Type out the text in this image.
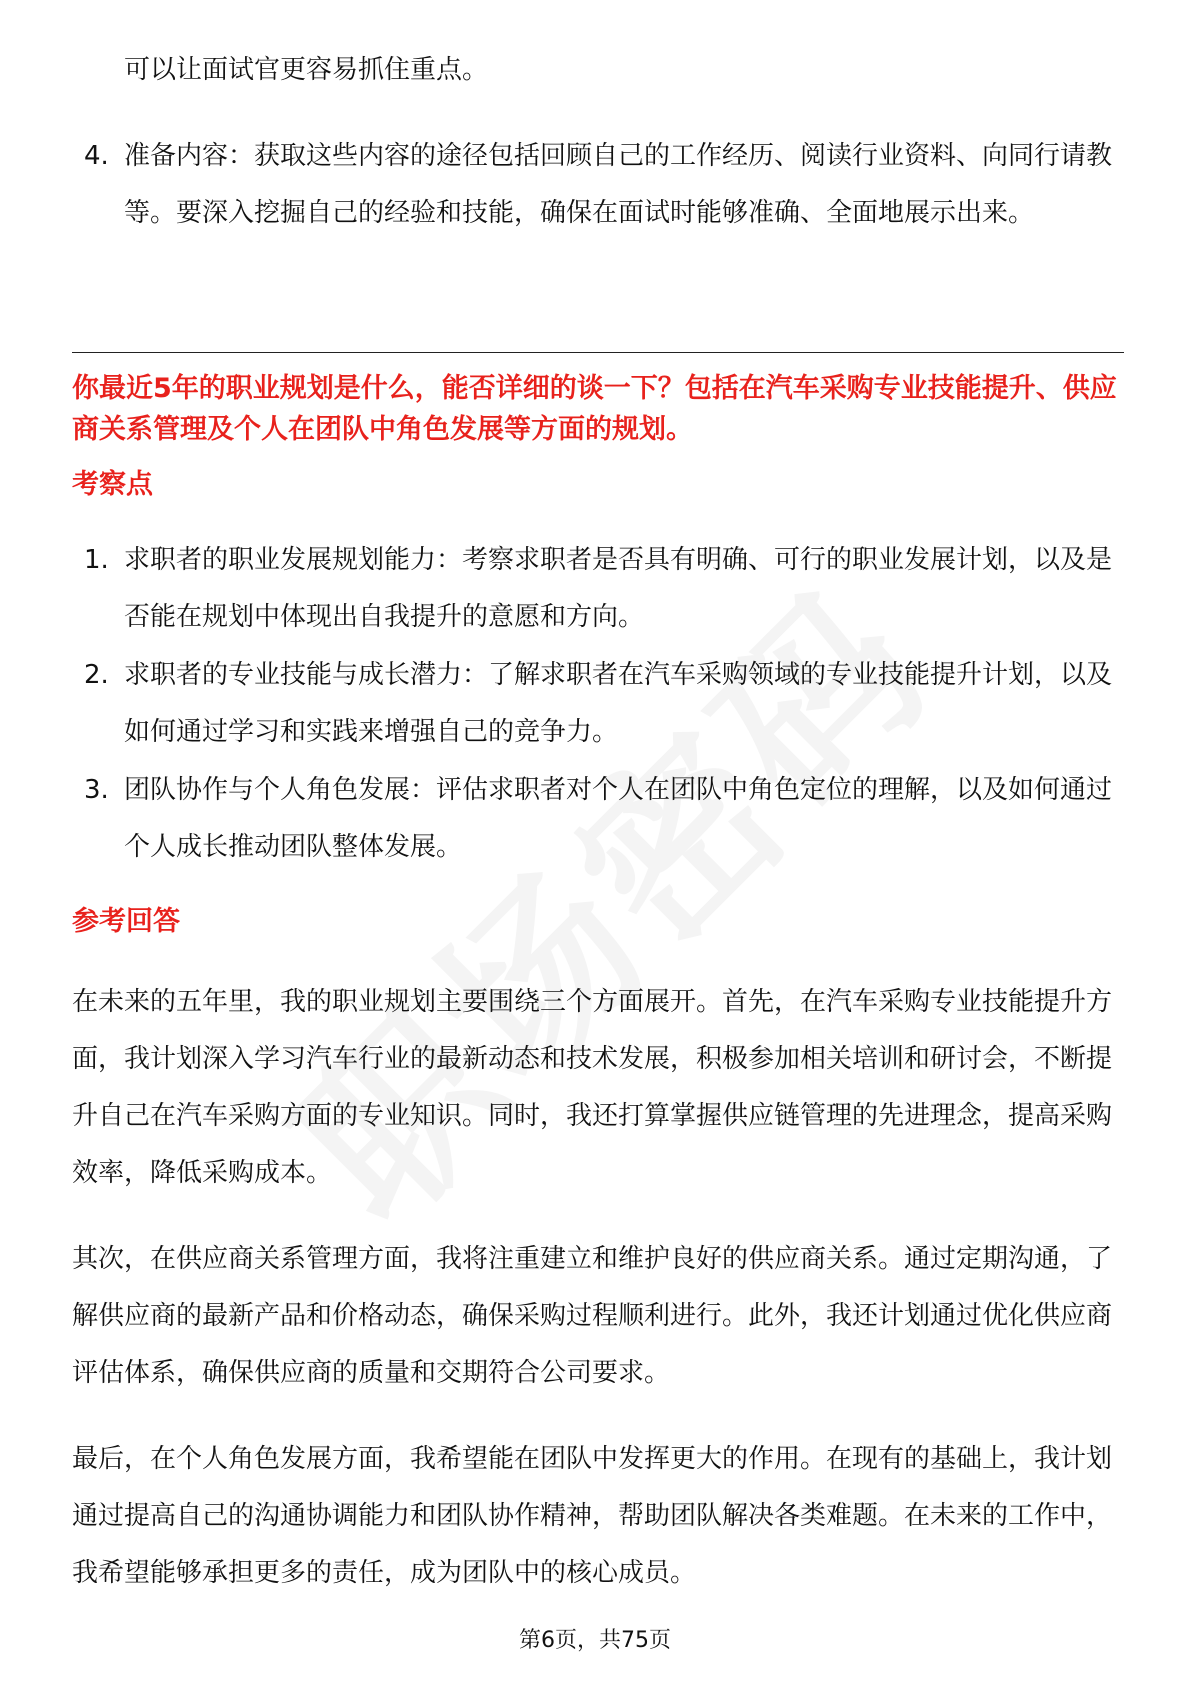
可以让面试官更容易抓住重点。
4. 准备内容：获取这些内容的途径包括回顾自己的工作经历、阅读行业资料、向同行请教等。要深入挖掘自己的经验和技能，确保在面试时能够准确、全面地展示出来。
你最近5年的职业规划是什么，能否详细的谈一下？包括在汽车采购专业技能提升、供应商关系管理及个人在团队中角色发展等方面的规划。
考察点
1. 求职者的职业发展规划能力：考察求职者是否具有明确、可行的职业发展计划，以及是否能在规划中体现出自我提升的意愿和方向。
2. 求职者的专业技能与成长潜力：了解求职者在汽车采购领域的专业技能提升计划，以及如何通过学习和实践来增强自己的竞争力。
3. 团队协作与个人角色发展：评估求职者对个人在团队中角色定位的理解，以及如何通过个人成长推动团队整体发展。
参考回答
在未来的五年里，我的职业规划主要围绕三个方面展开。首先，在汽车采购专业技能提升方面，我计划深入学习汽车行业的最新动态和技术发展，积极参加相关培训和研讨会，不断提升自己在汽车采购方面的专业知识。同时，我还打算掌握供应链管理的先进理念，提高采购效率，降低采购成本。
其次，在供应商关系管理方面，我将注重建立和维护良好的供应商关系。通过定期沟通，了解供应商的最新产品和价格动态，确保采购过程顺利进行。此外，我还计划通过优化供应商评估体系，确保供应商的质量和交期符合公司要求。
最后，在个人角色发展方面，我希望能在团队中发挥更大的作用。在现有的基础上，我计划通过提高自己的沟通协调能力和团队协作精神，帮助团队解决各类难题。在未来的工作中，我希望能够承担更多的责任，成为团队中的核心成员。
第6页，共75页
